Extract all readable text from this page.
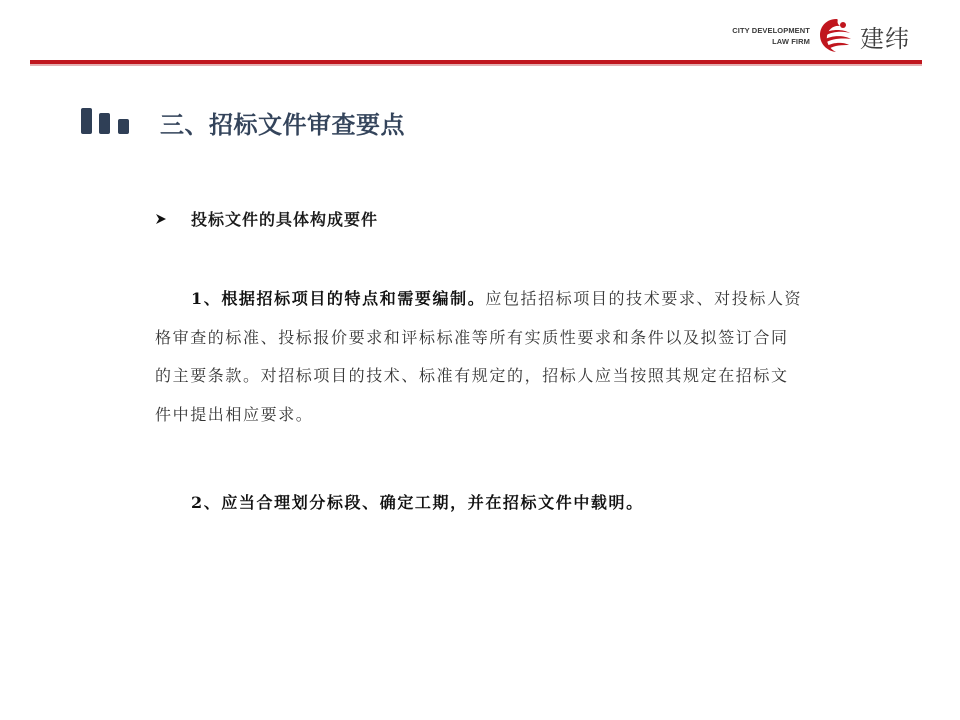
CITY DEVELOPMENT
LAW FIRM 建纬
三、招标文件审查要点
投标文件的具体构成要件
1、根据招标项目的特点和需要编制。应包括招标项目的技术要求、对投标人资格审查的标准、投标报价要求和评标标准等所有实质性要求和条件以及拟签订合同的主要条款。对招标项目的技术、标准有规定的，招标人应当按照其规定在招标文件中提出相应要求。
2、应当合理划分标段、确定工期，并在招标文件中载明。
